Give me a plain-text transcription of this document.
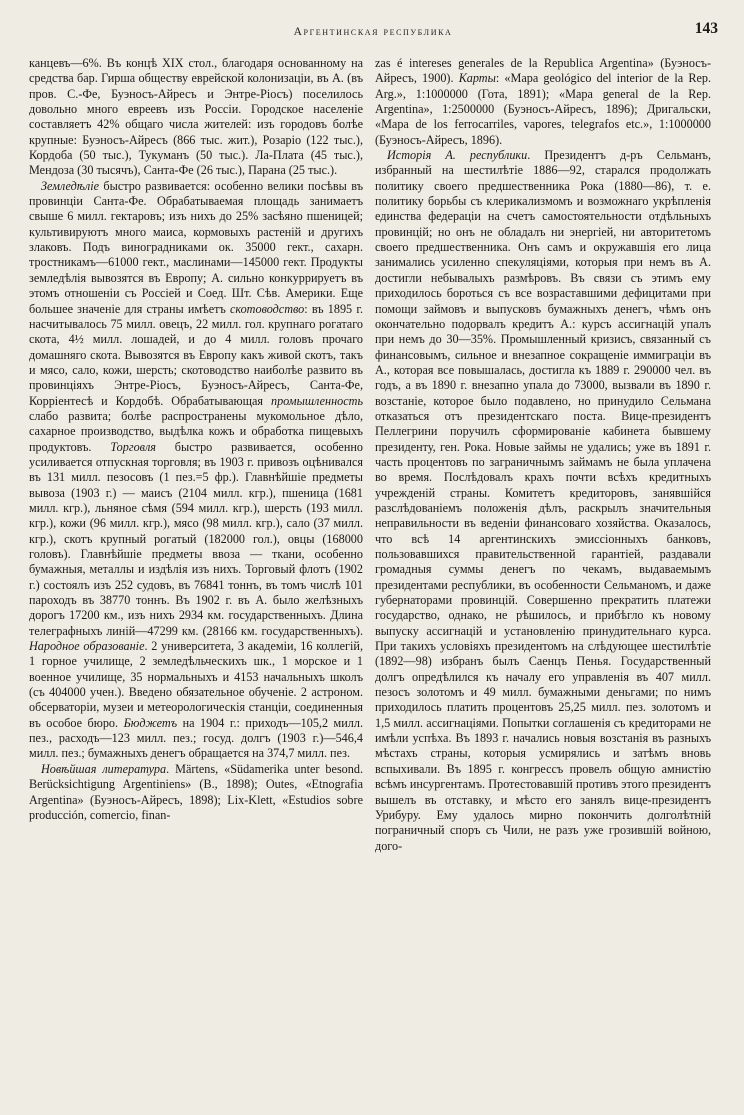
Аргентинская республика	143

канцевъ—6%. Въ концѣ XIX стол., благодаря основанному на средства бар. Гирша обществу еврейской колонизаціи, въ А. (въ пров. С.-Фе, Буэносъ-Айресъ и Энтре-Ріосъ) поселилось довольно много евреевъ изъ Россіи. Городское населеніе составляетъ 42% общаго числа жителей: изъ городовъ болѣе крупные: Буэносъ-Айресъ (866 тыс. жит.), Розаріо (122 тыс.), Кордоба (50 тыс.), Тукуманъ (50 тыс.). Ла-Плата (45 тыс.), Мендоза (30 тысячъ), Санта-Фе (26 тыс.), Парана (25 тыс.).

Земледѣліе быстро развивается: особенно велики посѣвы въ провинціи Санта-Фе. Обрабатываемая площадь занимаетъ свыше 6 милл. гектаровъ; изъ нихъ до 25% засѣяно пшеницей; культивируютъ много маиса, кормовыхъ растеній и другихъ злаковъ. Подъ виноградниками ок. 35000 гект., сахарн. тростникамъ—61000 гект., маслинами—145000 гект. Продукты земледѣлія вывозятся въ Европу; А. сильно конкуррируетъ въ этомъ отношеніи съ Россіей и Соед. Шт. Сѣв. Америки. Еще большее значеніе для страны имѣетъ скотоводство: въ 1895 г. насчитывалось 75 милл. овецъ, 22 милл. гол. крупнаго рогатаго скота, 4½ милл. лошадей, и до 4 милл. головъ прочаго домашняго скота. Вывозятся въ Европу какъ живой скотъ, такъ и мясо, сало, кожи, шерсть; скотоводство наиболѣе развито въ провинціяхъ Энтре-Ріосъ, Буэносъ-Айресъ, Санта-Фе, Корріентесѣ и Кордобѣ. Обрабатывающая промышленность слабо развита; болѣе распространены мукомольное дѣло, сахарное производство, выдѣлка кожъ и обработка пищевыхъ продуктовъ. Торговля быстро развивается, особенно усиливается отпускная торговля; въ 1903 г. привозъ оцѣнивался въ 131 милл. пезосовъ (1 пез.=5 фр.). Главнѣйшіе предметы вывоза (1903 г.) — маисъ (2104 милл. кгр.), пшеница (1681 милл. кгр.), льняное сѣмя (594 милл. кгр.), шерсть (193 милл. кгр.), кожи (96 милл. кгр.), мясо (98 милл. кгр.), сало (37 милл. кгр.), скотъ крупный рогатый (182000 гол.), овцы (168000 головъ). Главнѣйшіе предметы ввоза — ткани, особенно бумажныя, металлы и издѣлія изъ нихъ. Торговый флотъ (1902 г.) состоялъ изъ 252 судовъ, въ 76841 тоннъ, въ томъ числѣ 101 пароходъ въ 38770 тоннъ. Въ 1902 г. въ А. было желѣзныхъ дорогъ 17200 км., изъ нихъ 2934 км. государственныхъ. Длина телеграфныхъ линій—47299 км. (28166 км. государственныхъ). Народное образованіе. 2 университета, 3 академіи, 16 коллегій, 1 горное училище, 2 земледѣльческихъ шк., 1 морское и 1 военное училище, 35 нормальныхъ и 4153 начальныхъ школъ (съ 404000 учен.). Введено обязательное обученіе. 2 астроном. обсерваторіи, музеи и метеорологическія станціи, соединенныя въ особое бюро. Бюджетъ на 1904 г.: приходъ—105,2 милл. пез., расходъ—123 милл. пез.; госуд. долгъ (1903 г.)—546,4 милл. пез.; бумажныхъ денегъ обращается на 374,7 милл. пез.

Новѣйшая литература. Märtens, «Südamerika unter besond. Berücksichtigung Argentiniens» (B., 1898); Outes, «Etnografia Argentina» (Буэносъ-Айресъ, 1898); Lix-Klett, «Estudios sobre producción, comercio, finan-

zas é intereses generales de la Republica Argentina» (Буэносъ-Айресъ, 1900). Карты: «Mapa geológico del interior de la Rep. Arg.», 1:1000000 (Гота, 1891); «Mapa general de la Rep. Argentina», 1:2500000 (Буэносъ-Айресъ, 1896); Дригальски, «Mapa de los ferrocarriles, vapores, telegrafos etc.», 1:1000000 (Буэносъ-Айресъ, 1896).

Исторія А. республики. Президентъ д-ръ Сельманъ, избранный на шестилѣтіе 1886—92, старался продолжать политику своего предшественника Рока (1880—86), т. е. политику борьбы съ клерикализмомъ и возможнаго укрѣпленія единства федераціи на счетъ самостоятельности отдѣльныхъ провинцій; но онъ не обладалъ ни энергіей, ни авторитетомъ своего предшественника. Онъ самъ и окружавшія его лица занимались усиленно спекуляціями, которыя при немъ въ А. достигли небывалыхъ размѣровъ. Въ связи съ этимъ ему приходилось бороться съ все возраставшими дефицитами при помощи займовъ и выпусковъ бумажныхъ денегъ, чѣмъ онъ окончательно подорвалъ кредитъ А.: курсъ ассигнацій упалъ при немъ до 30—35%. Промышленный кризисъ, связанный съ финансовымъ, сильное и внезапное сокращеніе иммиграціи въ А., которая все повышалась, достигла къ 1889 г. 290000 чел. въ годъ, а въ 1890 г. внезапно упала до 73000, вызвали въ 1890 г. возстаніе, которое было подавлено, но принудило Сельмана отказаться отъ президентскаго поста. Вице-президентъ Пеллегрини поручилъ сформированіе кабинета бывшему президенту, ген. Рока. Новые займы не удались; уже въ 1891 г. часть процентовъ по заграничнымъ займамъ не была уплачена во время. Послѣдовалъ крахъ почти всѣхъ кредитныхъ учрежденій страны. Комитетъ кредиторовъ, занявшійся разслѣдованіемъ положенія дѣлъ, раскрылъ значительныя неправильности въ веденіи финансоваго хозяйства. Оказалось, что всѣ 14 аргентинскихъ эмиссіонныхъ банковъ, пользовавшихся правительственной гарантіей, раздавали громадныя суммы денегъ по чекамъ, выдаваемымъ президентами республики, въ особенности Сельманомъ, и даже губернаторами провинцій. Совершенно прекратить платежи государство, однако, не рѣшилось, и прибѣгло къ новому выпуску ассигнацій и установленію принудительнаго курса. При такихъ условіяхъ президентомъ на слѣдующее шестилѣтіе (1892—98) избранъ былъ Саенцъ Пенья. Государственный долгъ опредѣлился къ началу его управленія въ 407 милл. пезосъ золотомъ и 49 милл. бумажными деньгами; по нимъ приходилось платить процентовъ 25,25 милл. пез. золотомъ и 1,5 милл. ассигнаціями. Попытки соглашенія съ кредиторами не имѣли успѣха. Въ 1893 г. начались новыя возстанія въ разныхъ мѣстахъ страны, которыя усмирялись и затѣмъ вновь вспыхивали. Въ 1895 г. конгрессъ провелъ общую амнистію всѣмъ инсургентамъ. Протестовавшій противъ этого президентъ вышелъ въ отставку, и мѣсто его занялъ вице-президентъ Урибуру. Ему удалось мирно покончить долголѣтній пограничный споръ съ Чили, не разъ уже грозившій войною, дого-
